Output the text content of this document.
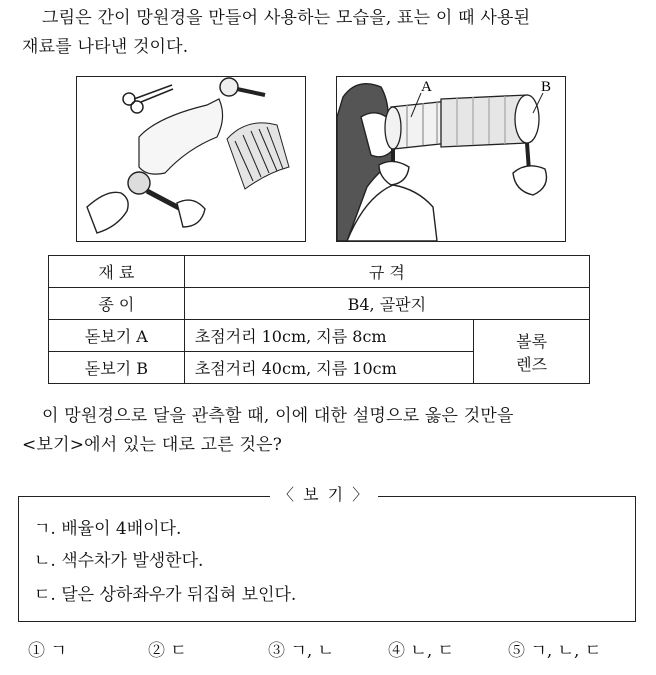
그림은 간이 망원경을 만들어 사용하는 모습을, 표는 이 때 사용된
재료를 나타낸 것이다.
A	B
재 료	규 격	
종 이	B4, 골판지	
돋보기 A	초점거리 10cm, 지름 8cm	볼록
렌즈

돋보기 B	초점거리 40cm, 지름 10cm	
이 망원경으로 달을 관측할 때, 이에 대한 설명으로 옳은 것만을
<보기>에서 있는 대로 고른 것은?
〈 보 기 〉
ㄱ. 배율이 4배이다.
ㄴ. 색수차가 발생한다.
ㄷ. 달은 상하좌우가 뒤집혀 보인다.
① ㄱ	② ㄷ	③ ㄱ, ㄴ	④ ㄴ, ㄷ	⑤ ㄱ, ㄴ, ㄷ
